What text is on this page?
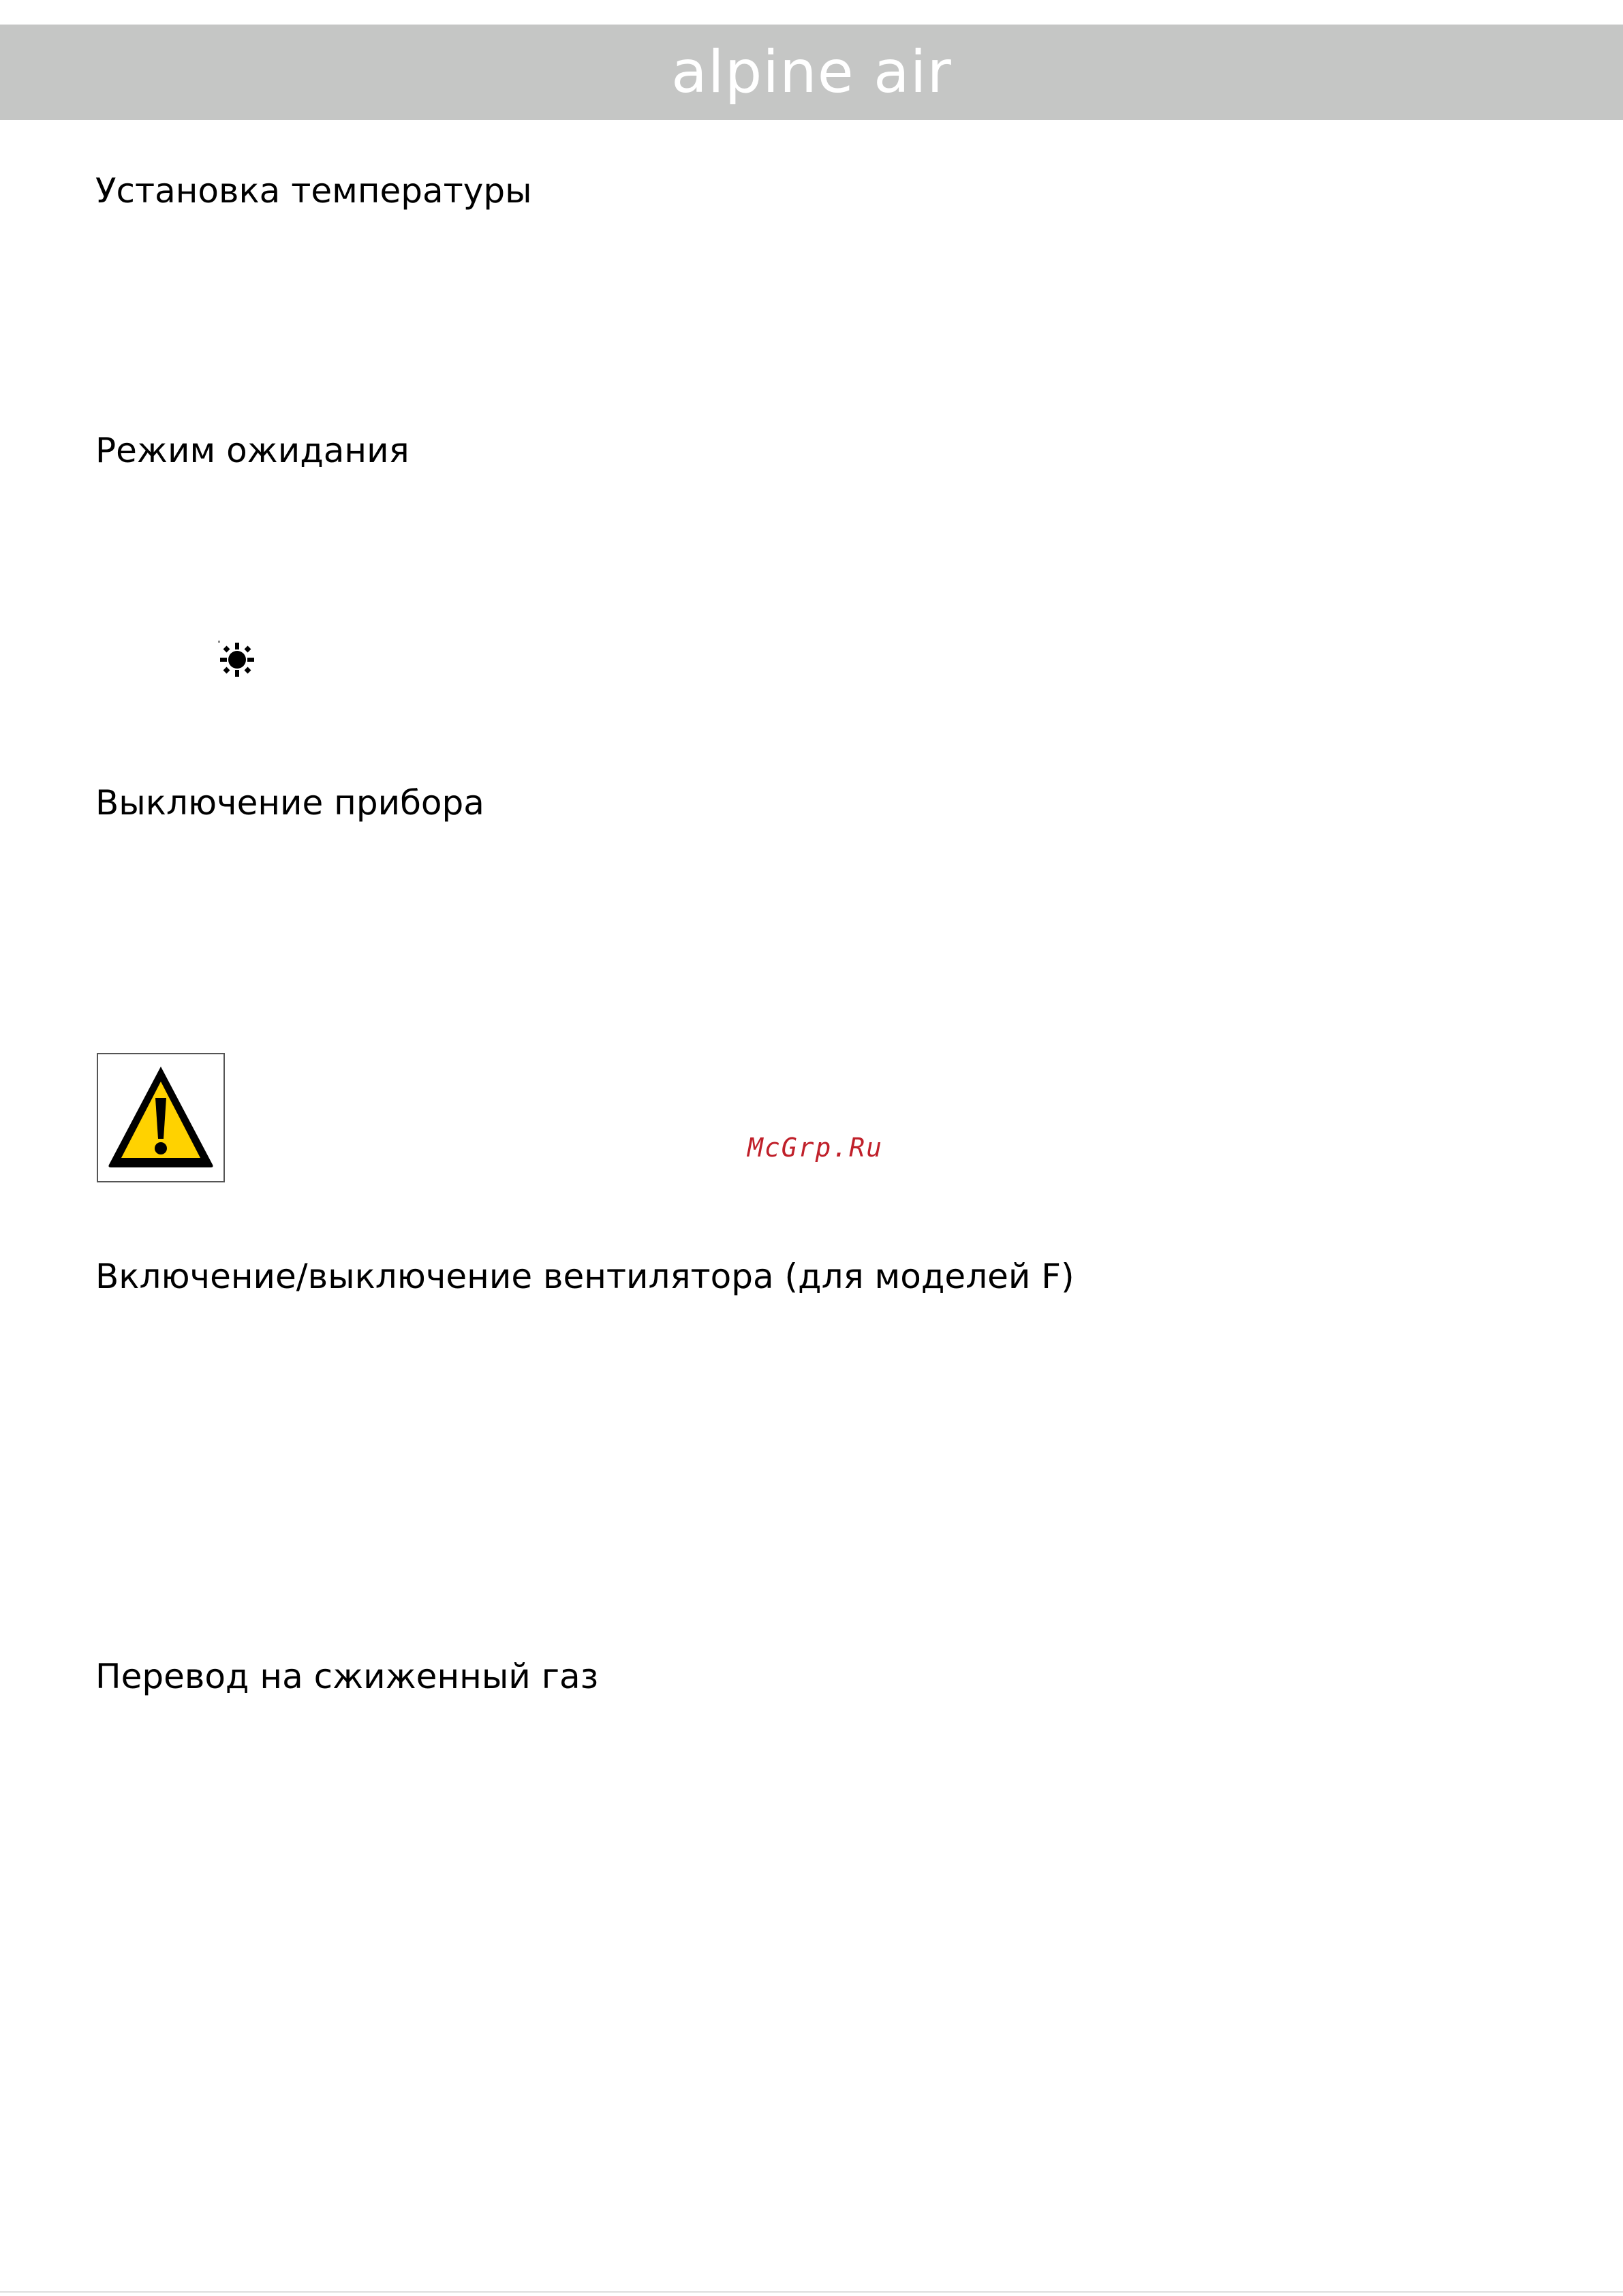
alpine air
Установка температуры
Режим ожидания
Выключение прибора
McGrp.Ru
Включение/выключение вентилятора (для моделей F)
Перевод на сжиженный газ
